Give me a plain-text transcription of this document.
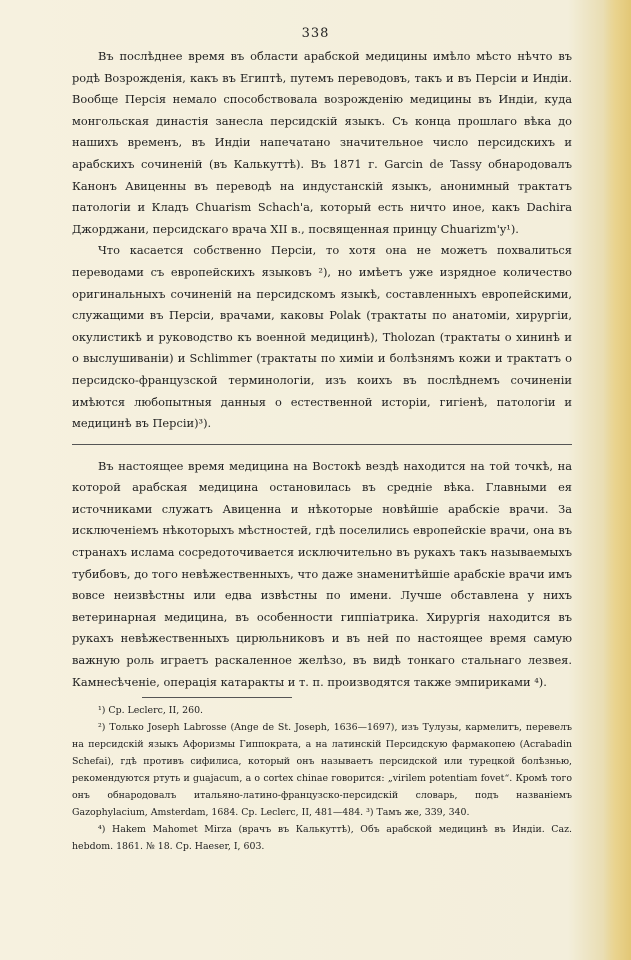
338

Въ послѣднее время въ области арабской медицины имѣло мѣсто нѣчто въ родѣ Возрожденія, какъ въ Египтѣ, путемъ переводовъ, такъ и въ Персіи и Индіи. Вообще Персія немало способствовала возрожденію медицины въ Индіи, куда монгольская династія занесла персидскій языкъ. Съ конца прошлаго вѣка до нашихъ временъ, въ Индіи напечатано значительное число персидскихъ и арабскихъ сочиненій (въ Калькуттѣ). Въ 1871 г. Garcin de Tassy обнародовалъ Канонъ Авиценны въ переводѣ на индустанскій языкъ, анонимный трактатъ патологіи и Кладъ Chuarism Schach'a, который есть ничто иное, какъ Dachira Джорджани, персидскаго врача XII в., посвященная принцу Chuarizm'y¹).

Что касается собственно Персіи, то хотя она не можетъ похвалиться переводами съ европейскихъ языковъ ²), но имѣетъ уже изрядное количество оригинальныхъ сочиненій на персидскомъ языкѣ, составленныхъ европейскими, служащими въ Персіи, врачами, каковы Polak (трактаты по анатоміи, хирургіи, окулистикѣ и руководство къ военной медицинѣ), Tholozan (трактаты о хининѣ и о выслушиваніи) и Schlimmer (трактаты по химіи и болѣзнямъ кожи и трактатъ о персидско-французской терминологіи, изъ коихъ въ послѣднемъ сочиненіи имѣются любопытныя данныя о естественной исторіи, гигіенѣ, патологіи и медицинѣ въ Персіи)³).

Въ настоящее время медицина на Востокѣ вездѣ находится на той точкѣ, на которой арабская медицина остановилась въ средніе вѣка. Главными ея источниками служатъ Авиценна и нѣкоторые новѣйшіе арабскіе врачи. За исключеніемъ нѣкоторыхъ мѣстностей, гдѣ поселились европейскіе врачи, она въ странахъ ислама сосредоточивается исключительно въ рукахъ такъ называемыхъ тубибовъ, до того невѣжественныхъ, что даже знаменитѣйшіе арабскіе врачи имъ вовсе неизвѣстны или едва извѣстны по имени. Лучше обставлена у нихъ ветеринарная медицина, въ особенности гиппіатрика. Хирургія находится въ рукахъ невѣжественныхъ цирюльниковъ и въ ней по настоящее время самую важную роль играетъ раскаленное желѣзо, въ видѣ тонкаго стальнаго лезвея. Камнесѣченіе, операція катаракты и т. п. производятся также эмпириками ⁴).

¹) Cp. Leclerc, II, 260.

²) Только Joseph Labrosse (Ange de St. Joseph, 1636—1697), изъ Тулузы, кармелитъ, перевелъ на персидскій языкъ Афоризмы Гиппократа, а на латинскій Персидскую фармакопею (Acrabadin Schefai), гдѣ противъ сифилиса, который онъ называетъ персидской или турецкой болѣзнью, рекомендуются ртуть и guajacum, а о cortex chinae говорится: „virilem potentiam fovet“. Кромѣ того онъ обнародовалъ итальяно-латино-французско-персидскій словарь, подъ названіемъ Gazophylacium, Amsterdam, 1684. Cp. Leclerc, II, 481—484. ³) Тамъ же, 339, 340.

⁴) Hakem Mahomet Mirza (врачъ въ Калькуттѣ), Объ арабской медицинѣ въ Индіи. Caz. hebdom. 1861. № 18. Cp. Haeser, I, 603.
